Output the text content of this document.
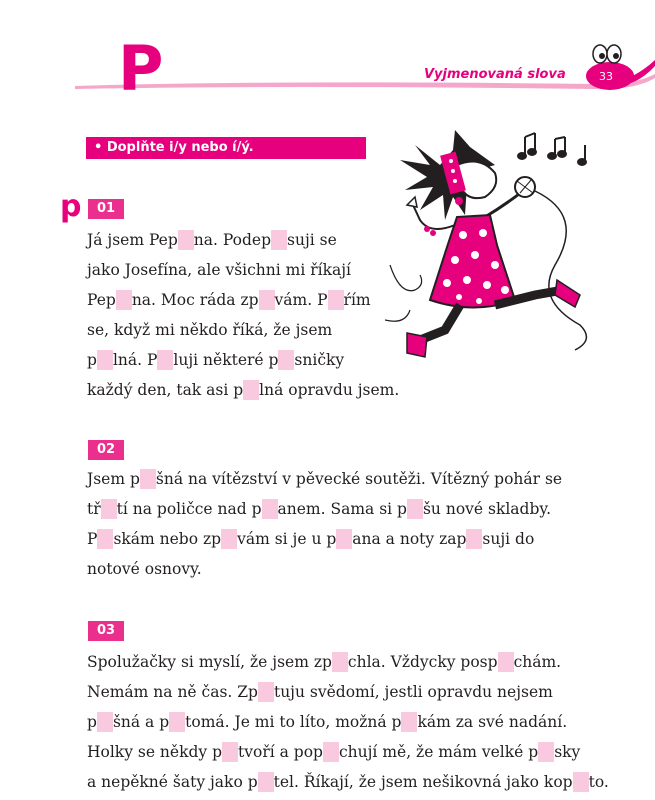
P	Vyjmenovaná slova	33
• Doplňte i/y nebo í/ý.
p	01
02
03
Já jsem Pep na. Podep suji se
jako Josefína, ale všichni mi říkají
Pep na. Moc ráda zp vám. P ŕím
se, když mi někdo říká, že jsem
p lná. P luji některé p sničky
každý den, tak asi p lná opravdu jsem.
Jsem p šná na vítězství v pěvecké soutěži. Vítězný pohár se
tř tí na poličce nad p anem. Sama si p šu nové skladby.
P skám nebo zp vám si je u p ana a noty zap suji do
notové osnovy.
Spolužačky si myslí, že jsem zp chla. Vždycky posp chám.
Nemám na ně čas. Zp tuju svědomí, jestli opravdu nejsem
p šná a p tomá. Je mi to líto, možná p kám za své nadání.
Holky se někdy p tvoří a pop chují mě, že mám velké p sky
a nepěkné šaty jako p tel. Říkají, že jsem nešikovná jako kop to.
